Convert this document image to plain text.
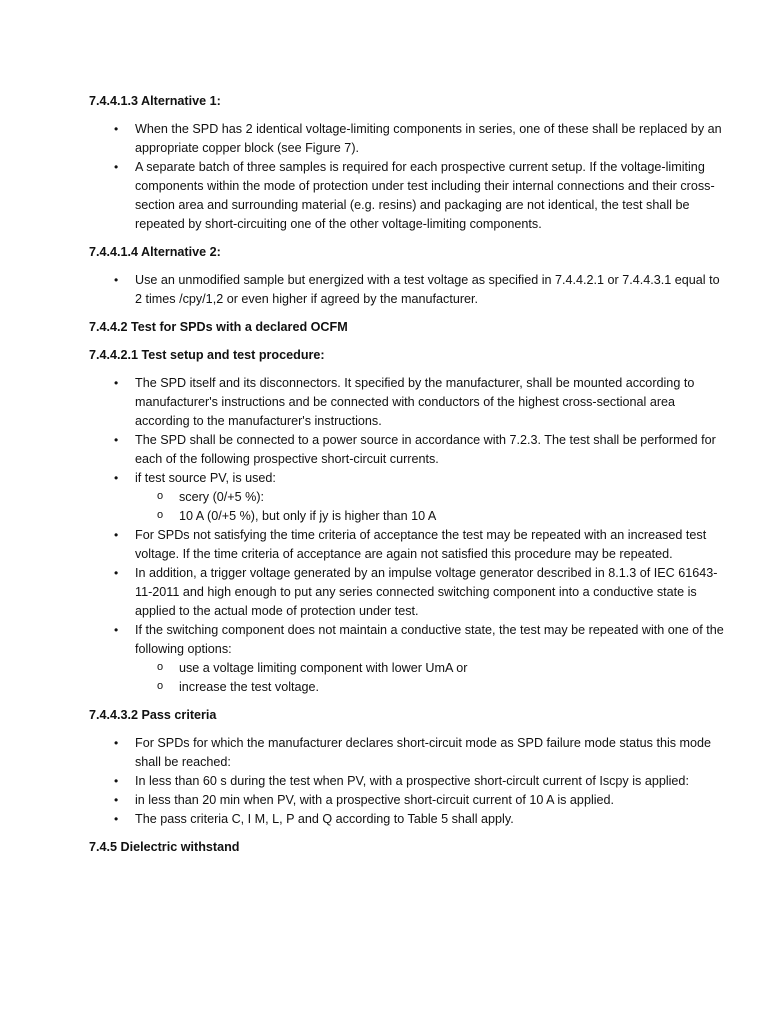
7.4.4.1.3 Alternative 1:

• When the SPD has 2 identical voltage-limiting components in series, one of these shall be replaced by an appropriate copper block (see Figure 7).
• A separate batch of three samples is required for each prospective current setup. If the voltage-limiting components within the mode of protection under test including their internal connections and their cross-section area and surrounding material (e.g. resins) and packaging are not identical, the test shall be repeated by short-circuiting one of the other voltage-limiting components.

7.4.4.1.4 Alternative 2:

• Use an unmodified sample but energized with a test voltage as specified in 7.4.4.2.1 or 7.4.4.3.1 equal to 2 times /cpy/1,2 or even higher if agreed by the manufacturer.

7.4.4.2 Test for SPDs with a declared OCFM

7.4.4.2.1 Test setup and test procedure:

• The SPD itself and its disconnectors. It specified by the manufacturer, shall be mounted according to manufacturer's instructions and be connected with conductors of the highest cross-sectional area according to the manufacturer's instructions.
• The SPD shall be connected to a power source in accordance with 7.2.3. The test shall be performed for each of the following prospective short-circuit currents.
• if test source PV, is used:
o scery (0/+5 %):
o 10 A (0/+5 %), but only if jy is higher than 10 A
• For SPDs not satisfying the time criteria of acceptance the test may be repeated with an increased test voltage. If the time criteria of acceptance are again not satisfied this procedure may be repeated.
• In addition, a trigger voltage generated by an impulse voltage generator described in 8.1.3 of IEC 61643-11-2011 and high enough to put any series connected switching component into a conductive state is applied to the actual mode of protection under test.
• If the switching component does not maintain a conductive state, the test may be repeated with one of the following options:
o use a voltage limiting component with lower UmA or
o increase the test voltage.

7.4.4.3.2 Pass criteria

• For SPDs for which the manufacturer declares short-circuit mode as SPD failure mode status this mode shall be reached:
• In less than 60 s during the test when PV, with a prospective short-circult current of Iscpy is applied:
• in less than 20 min when PV, with a prospective short-circuit current of 10 A is applied.
• The pass criteria C, I M, L, P and Q according to Table 5 shall apply.

7.4.5 Dielectric withstand
